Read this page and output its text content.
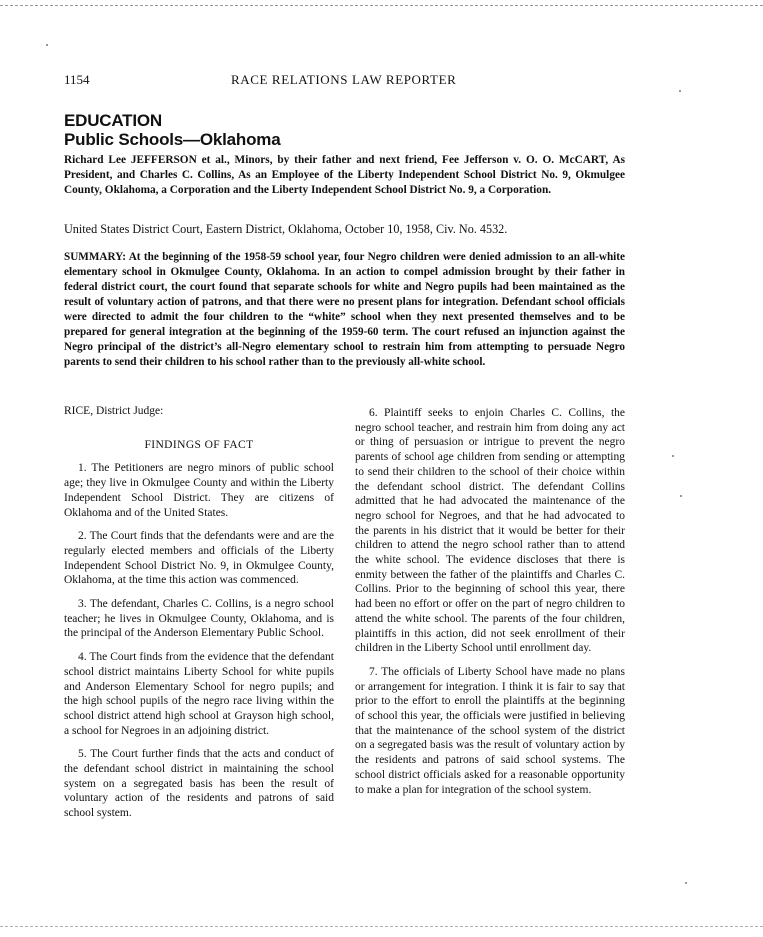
1154	RACE RELATIONS LAW REPORTER
EDUCATION
Public Schools—Oklahoma
Richard Lee JEFFERSON et al., Minors, by their father and next friend, Fee Jefferson v. O. O. McCART, As President, and Charles C. Collins, As an Employee of the Liberty Independent School District No. 9, Okmulgee County, Oklahoma, a Corporation and the Liberty Independent School District No. 9, a Corporation.
United States District Court, Eastern District, Oklahoma, October 10, 1958, Civ. No. 4532.
SUMMARY: At the beginning of the 1958-59 school year, four Negro children were denied admission to an all-white elementary school in Okmulgee County, Oklahoma. In an action to compel admission brought by their father in federal district court, the court found that separate schools for white and Negro pupils had been maintained as the result of voluntary action of patrons, and that there were no present plans for integration. Defendant school officials were directed to admit the four children to the “white” school when they next presented themselves and to be prepared for general integration at the beginning of the 1959-60 term. The court refused an injunction against the Negro principal of the district’s all-Negro elementary school to restrain him from attempting to persuade Negro parents to send their children to his school rather than to the previously all-white school.

RICE, District Judge:

FINDINGS OF FACT

1. The Petitioners are negro minors of public school age; they live in Okmulgee County and within the Liberty Independent School District. They are citizens of Oklahoma and of the United States.

2. The Court finds that the defendants were and are the regularly elected members and officials of the Liberty Independent School District No. 9, in Okmulgee County, Oklahoma, at the time this action was commenced.

3. The defendant, Charles C. Collins, is a negro school teacher; he lives in Okmulgee County, Oklahoma, and is the principal of the Anderson Elementary Public School.

4. The Court finds from the evidence that the defendant school district maintains Liberty School for white pupils and Anderson Elementary School for negro pupils; and the high school pupils of the negro race living within the school district attend high school at Grayson high school, a school for Negroes in an adjoining district.

5. The Court further finds that the acts and conduct of the defendant school district in maintaining the school system on a segregated basis has been the result of voluntary action of the residents and patrons of said school system.

6. Plaintiff seeks to enjoin Charles C. Collins, the negro school teacher, and restrain him from doing any act or thing of persuasion or intrigue to prevent the negro parents of school age children from sending or attempting to send their children to the school of their choice within the defendant school district. The defendant Collins admitted that he had advocated the maintenance of the negro school for Negroes, and that he had advocated to the parents in his district that it would be better for their children to attend the negro school rather than to attend the white school. The evidence discloses that there is enmity between the father of the plaintiffs and Charles C. Collins. Prior to the beginning of school this year, there had been no effort or offer on the part of negro children to attend the white school. The parents of the four children, plaintiffs in this action, did not seek enrollment of their children in the Liberty School until enrollment day.

7. The officials of Liberty School have made no plans or arrangement for integration. I think it is fair to say that prior to the effort to enroll the plaintiffs at the beginning of school this year, the officials were justified in believing that the maintenance of the school system of the district on a segregated basis was the result of voluntary action by the residents and patrons of said school systems. The school district officials asked for a reasonable opportunity to make a plan for integration of the school system.
